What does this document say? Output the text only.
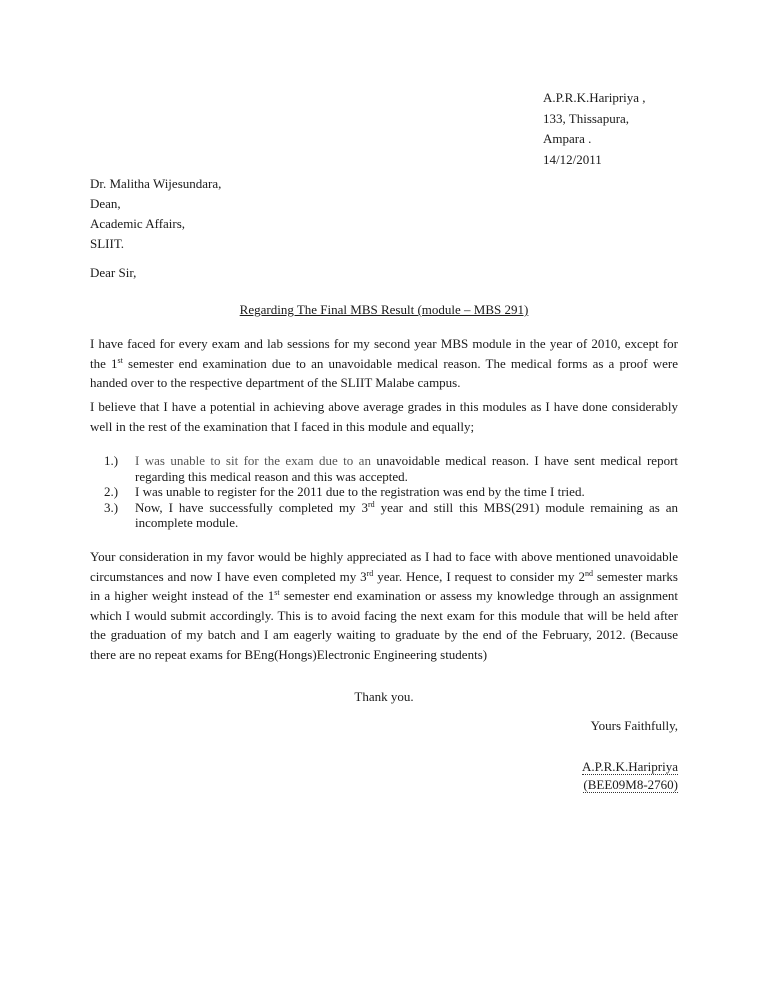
A.P.R.K.Haripriya ,
133, Thissapura,
Ampara .
14/12/2011
Dr. Malitha Wijesundara,
Dean,
Academic Affairs,
SLIIT.
Dear Sir,
Regarding The Final MBS Result (module – MBS 291)
I have faced for every exam and lab sessions for my second year MBS module in the year of 2010, except for the 1st semester end examination due to an unavoidable medical reason. The medical forms as a proof were handed over to the respective department of the SLIIT Malabe campus.
I believe that I have a potential in achieving above average grades in this modules as I have done considerably well in the rest of the examination that I faced in this module and equally;
1.) I was unable to sit for the exam due to an unavoidable medical reason. I have sent medical report regarding this medical reason and this was accepted.
2.) I was unable to register for the 2011 due to the registration was end by the time I tried.
3.) Now, I have successfully completed my 3rd year and still this MBS(291) module remaining as an incomplete module.
Your consideration in my favor would be highly appreciated as I had to face with above mentioned unavoidable circumstances and now I have even completed my 3rd year. Hence, I request to consider my 2nd semester marks in a higher weight instead of the 1st semester end examination or assess my knowledge through an assignment which I would submit accordingly. This is to avoid facing the next exam for this module that will be held after the graduation of my batch and I am eagerly waiting to graduate by the end of the February, 2012. (Because there are no repeat exams for BEng(Hongs)Electronic Engineering students)
Thank you.
Yours Faithfully,
A.P.R.K.Haripriya
(BEE09M8-2760)
